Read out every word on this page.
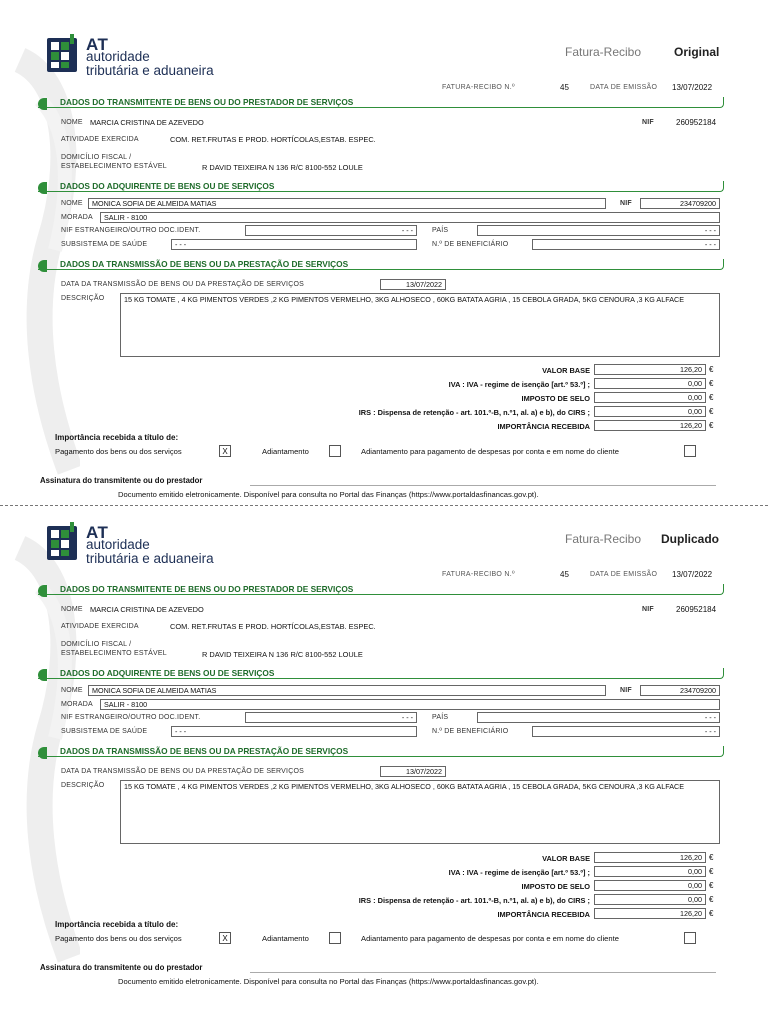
AT
autoridade
tributária e aduaneira
Fatura-Recibo	Original
FATURA-RECIBO N.º	45	DATA DE EMISSÃO 13/07/2022
DADOS DO TRANSMITENTE DE BENS OU DO PRESTADOR DE SERVIÇOS
NOME MARCIA CRISTINA DE AZEVEDO	NIF	260952184
ATIVIDADE EXERCIDA	COM. RET.FRUTAS E PROD. HORTÍCOLAS,ESTAB. ESPEC.
DOMICÍLIO FISCAL /
ESTABELECIMENTO ESTÁVEL	R DAVID TEIXEIRA N 136 R/C 8100-552 LOULE
DADOS DO ADQUIRENTE DE BENS OU DE SERVIÇOS
NOME	MONICA SOFIA DE ALMEIDA MATIAS	NIF	234709200
MORADA	SALIR - 8100
NIF ESTRANGEIRO/OUTRO DOC.IDENT.	- - -	PAÍS	- - -
SUBSISTEMA DE SAÚDE	- - -	N.º DE BENEFICIÁRIO	- - -
DADOS DA TRANSMISSÃO DE BENS OU DA PRESTAÇÃO DE SERVIÇOS
DATA DA TRANSMISSÃO DE BENS OU DA PRESTAÇÃO DE SERVIÇOS	13/07/2022
DESCRIÇÃO	15 KG TOMATE , 4 KG PIMENTOS VERDES ,2 KG PIMENTOS VERMELHO, 3KG ALHOSECO , 60KG BATATA AGRIA , 15 CEBOLA GRADA, 5KG CENOURA ,3 KG ALFACE
VALOR BASE	126,20 €
IVA : IVA - regime de isenção [art.º 53.º] ;	0,00 €
IMPOSTO DE SELO	0,00 €
IRS : Dispensa de retenção - art. 101.º-B, n.º1, al. a) e b), do CIRS ;	0,00 €
IMPORTÂNCIA RECEBIDA	126,20 €
Importância recebida a título de:
Pagamento dos bens ou dos serviços	X	Adiantamento	Adiantamento para pagamento de despesas por conta e em nome do cliente
Assinatura do transmitente ou do prestador
Documento emitido eletronicamente. Disponível para consulta no Portal das Finanças (https://www.portaldasfinancas.gov.pt).
AT
autoridade
tributária e aduaneira
Fatura-Recibo Duplicado
FATURA-RECIBO N.º	45	DATA DE EMISSÃO 13/07/2022
DADOS DO TRANSMITENTE DE BENS OU DO PRESTADOR DE SERVIÇOS
NOME MARCIA CRISTINA DE AZEVEDO	NIF	260952184
ATIVIDADE EXERCIDA	COM. RET.FRUTAS E PROD. HORTÍCOLAS,ESTAB. ESPEC.
DOMICÍLIO FISCAL /
ESTABELECIMENTO ESTÁVEL	R DAVID TEIXEIRA N 136 R/C 8100-552 LOULE
DADOS DO ADQUIRENTE DE BENS OU DE SERVIÇOS
NOME	MONICA SOFIA DE ALMEIDA MATIAS	NIF	234709200
MORADA	SALIR - 8100
NIF ESTRANGEIRO/OUTRO DOC.IDENT.	- - -	PAÍS	- - -
SUBSISTEMA DE SAÚDE	- - -	N.º DE BENEFICIÁRIO	- - -
DADOS DA TRANSMISSÃO DE BENS OU DA PRESTAÇÃO DE SERVIÇOS
DATA DA TRANSMISSÃO DE BENS OU DA PRESTAÇÃO DE SERVIÇOS	13/07/2022
DESCRIÇÃO	15 KG TOMATE , 4 KG PIMENTOS VERDES ,2 KG PIMENTOS VERMELHO, 3KG ALHOSECO , 60KG BATATA AGRIA , 15 CEBOLA GRADA, 5KG CENOURA ,3 KG ALFACE
VALOR BASE	126,20 €
IVA : IVA - regime de isenção [art.º 53.º] ;	0,00 €
IMPOSTO DE SELO	0,00 €
IRS : Dispensa de retenção - art. 101.º-B, n.º1, al. a) e b), do CIRS ;	0,00 €
IMPORTÂNCIA RECEBIDA	126,20 €
Importância recebida a título de:
Pagamento dos bens ou dos serviços	X	Adiantamento	Adiantamento para pagamento de despesas por conta e em nome do cliente
Assinatura do transmitente ou do prestador
Documento emitido eletronicamente. Disponível para consulta no Portal das Finanças (https://www.portaldasfinancas.gov.pt).
